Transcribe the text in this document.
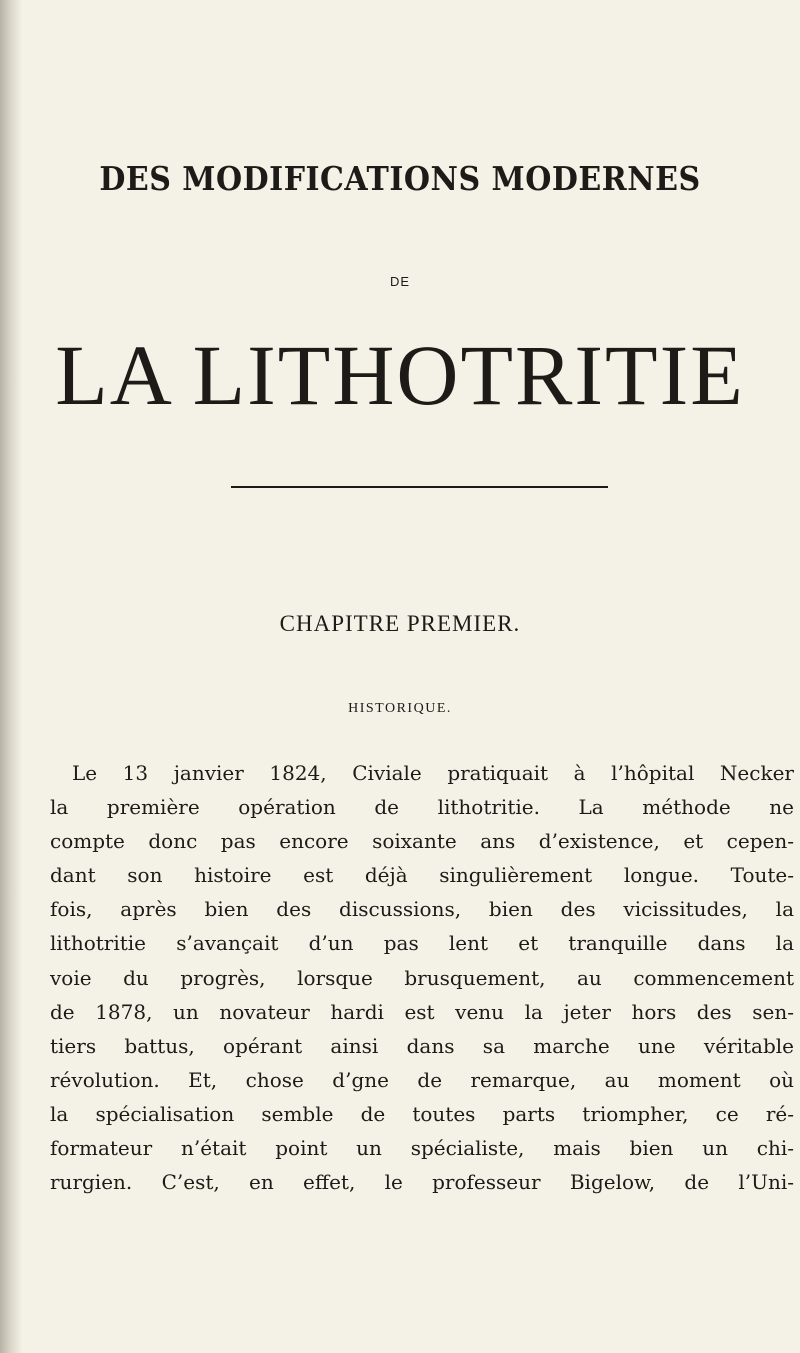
DES MODIFICATIONS MODERNES
DE
LA LITHOTRITIE
CHAPITRE PREMIER.
HISTORIQUE.
Le 13 janvier 1824, Civiale pratiquait à l’hôpital Necker
la première opération de lithotritie. La méthode ne
compte donc pas encore soixante ans d’existence, et cepen-
dant son histoire est déjà singulièrement longue. Toute-
fois, après bien des discussions, bien des vicissitudes, la
lithotritie s’avançait d’un pas lent et tranquille dans la
voie du progrès, lorsque brusquement, au commencement
de 1878, un novateur hardi est venu la jeter hors des sen-
tiers battus, opérant ainsi dans sa marche une véritable
révolution. Et, chose d’gne de remarque, au moment où
la spécialisation semble de toutes parts triompher, ce ré-
formateur n’était point un spécialiste, mais bien un chi-
rurgien. C’est, en effet, le professeur Bigelow, de l’Uni-
